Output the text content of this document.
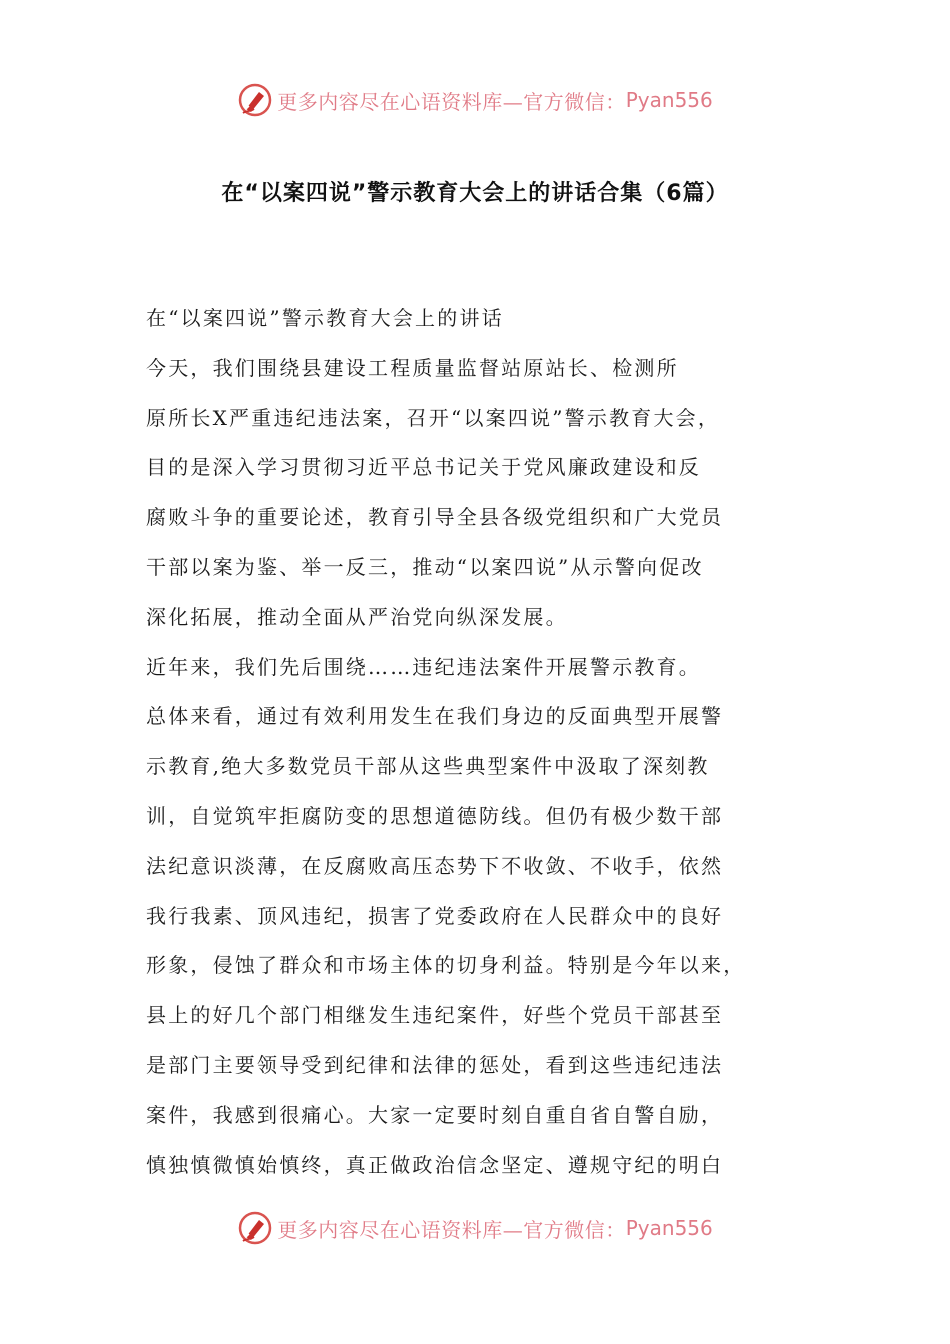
更多内容尽在心语资料库—官方微信： Pyan556
在“以案四说”警示教育大会上的讲话合集（6篇）
在“以案四说”警示教育大会上的讲话
今天，我们围绕县建设工程质量监督站原站长、检测所
原所长X严重违纪违法案，召开“以案四说”警示教育大会，
目的是深入学习贯彻习近平总书记关于党风廉政建设和反
腐败斗争的重要论述，教育引导全县各级党组织和广大党员
干部以案为鉴、举一反三，推动“以案四说”从示警向促改
深化拓展，推动全面从严治党向纵深发展。
近年来，我们先后围绕……违纪违法案件开展警示教育。
总体来看，通过有效利用发生在我们身边的反面典型开展警
示教育,绝大多数党员干部从这些典型案件中汲取了深刻教
训，自觉筑牢拒腐防变的思想道德防线。但仍有极少数干部
法纪意识淡薄，在反腐败高压态势下不收敛、不收手，依然
我行我素、顶风违纪，损害了党委政府在人民群众中的良好
形象，侵蚀了群众和市场主体的切身利益。特别是今年以来，
县上的好几个部门相继发生违纪案件，好些个党员干部甚至
是部门主要领导受到纪律和法律的惩处，看到这些违纪违法
案件，我感到很痛心。大家一定要时刻自重自省自警自励，
慎独慎微慎始慎终，真正做政治信念坚定、遵规守纪的明白
更多内容尽在心语资料库—官方微信： Pyan556
